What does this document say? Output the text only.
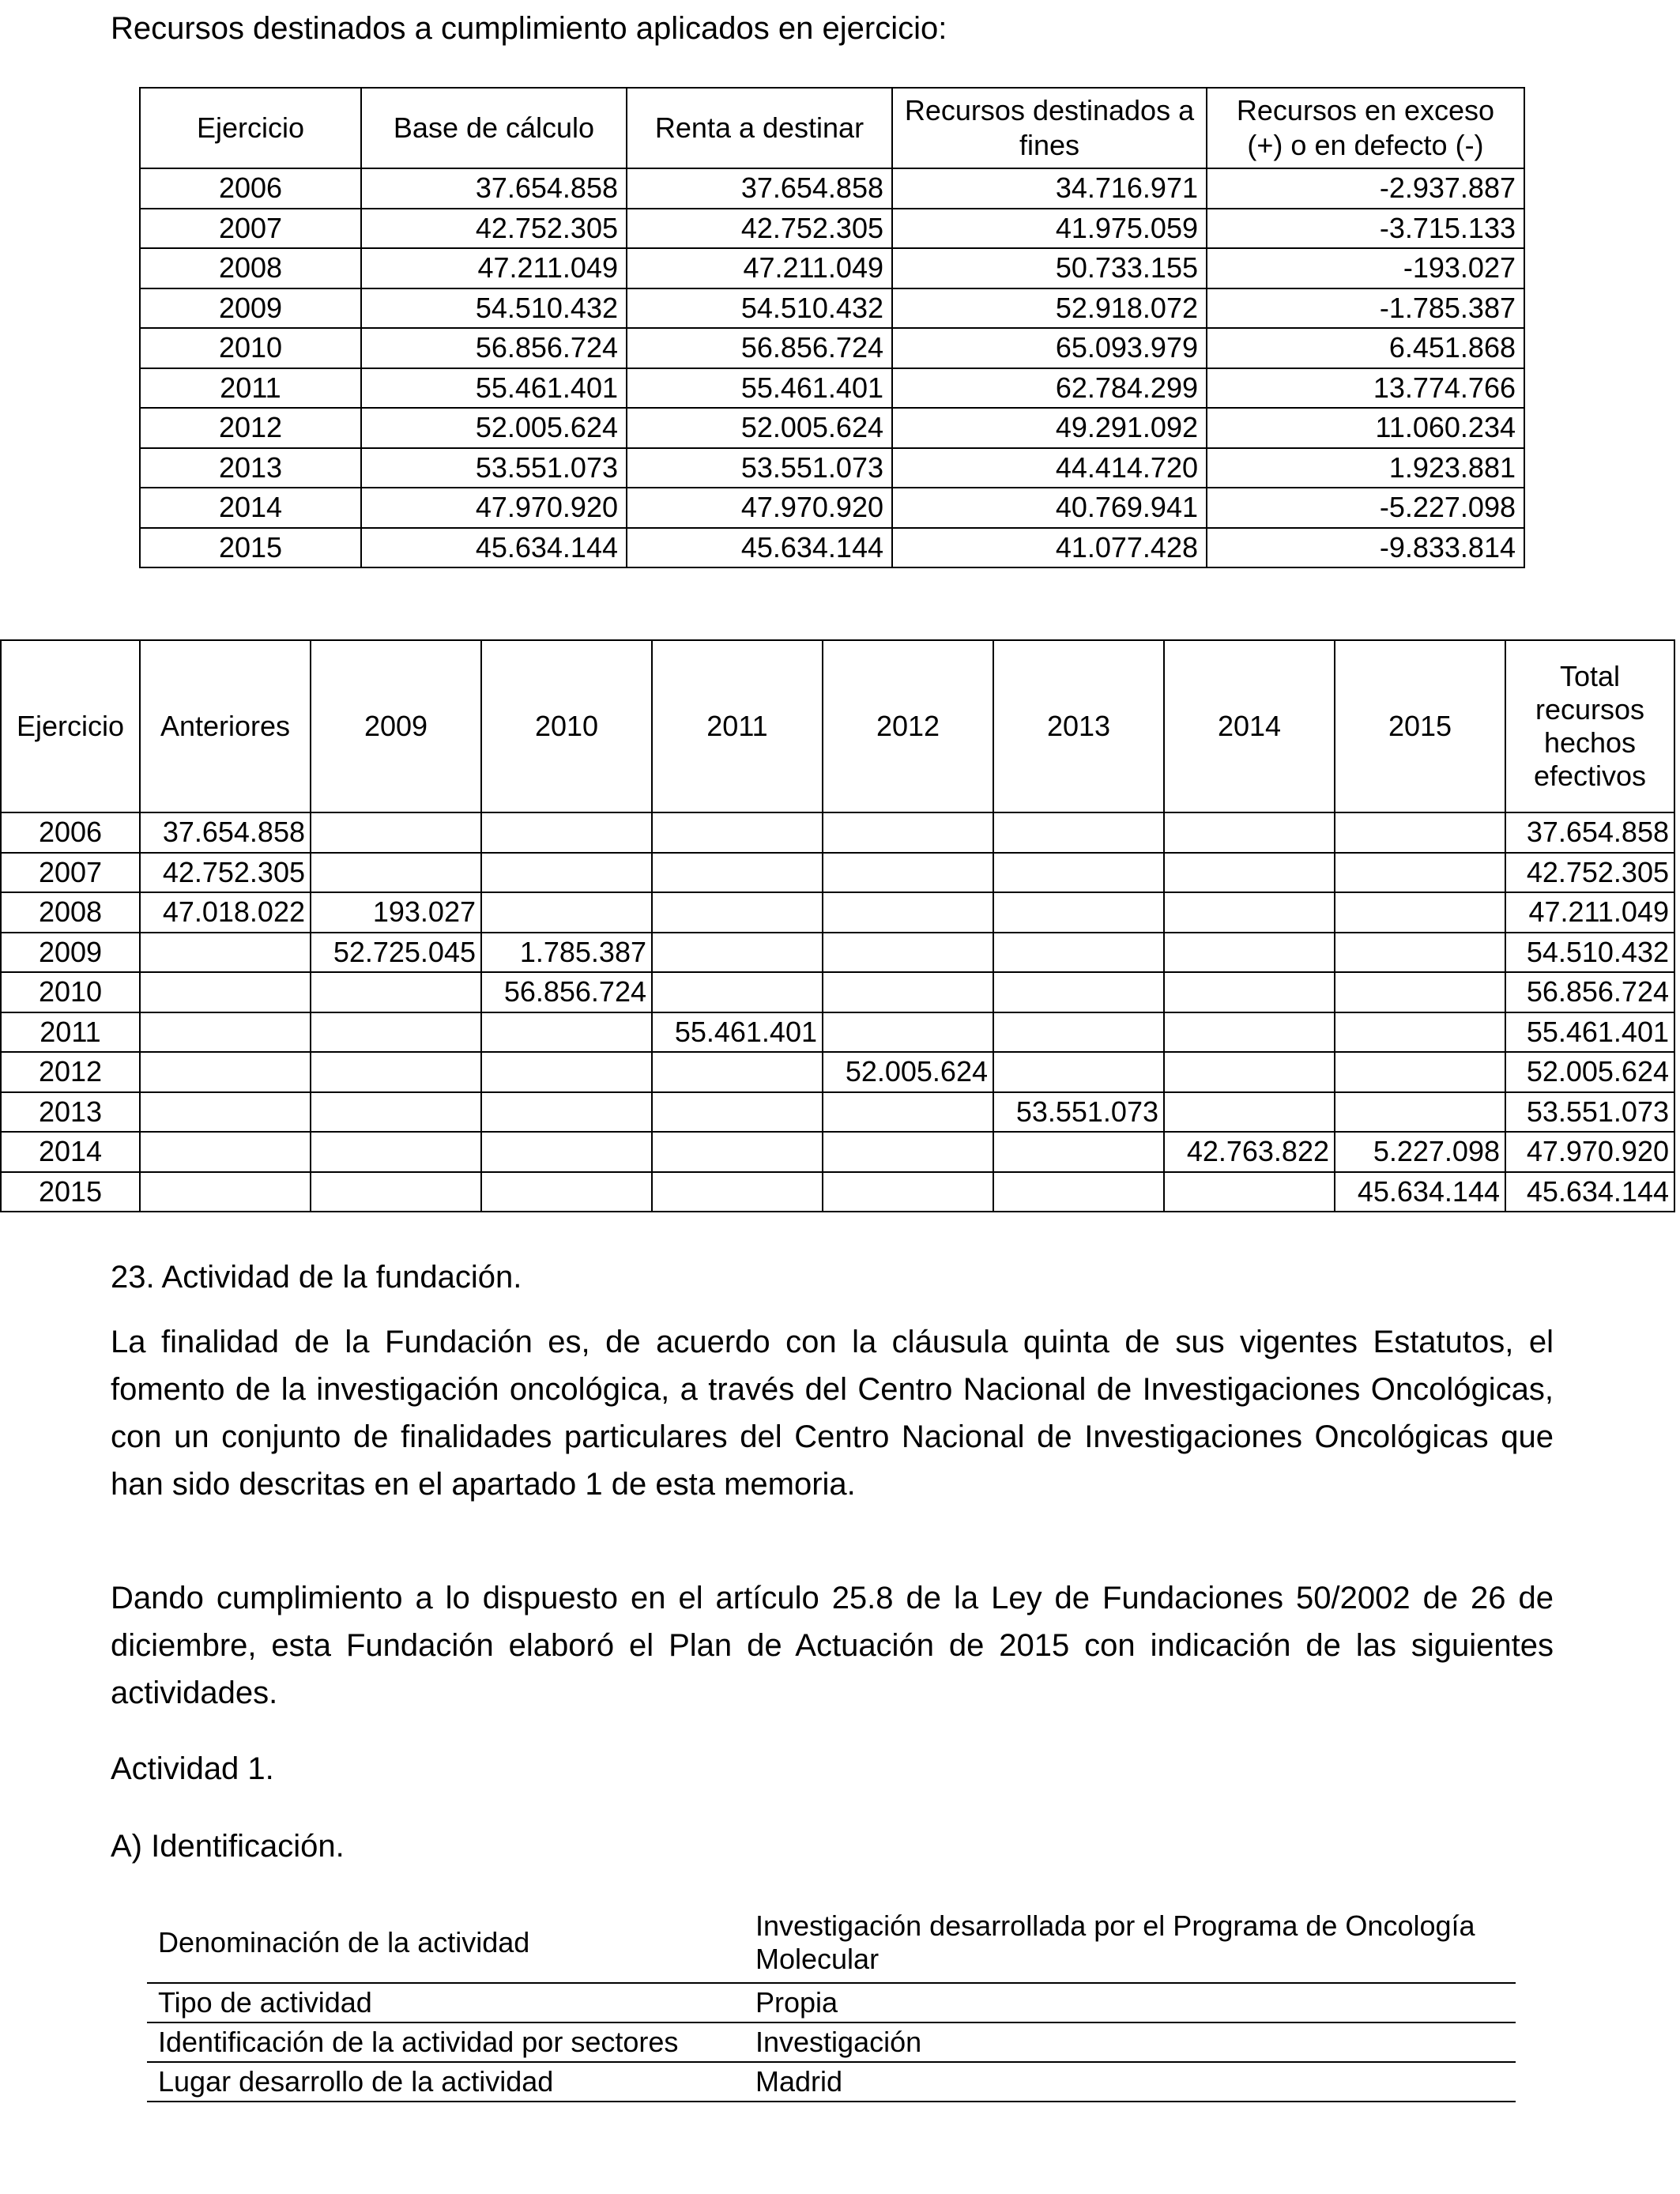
Recursos destinados a cumplimiento aplicados en ejercicio:
Ejercicio	Base de cálculo	Renta a destinar	Recursos destinados a fines	Recursos en exceso (+) o en defecto (-)
2006	37.654.858	37.654.858	34.716.971	-2.937.887
2007	42.752.305	42.752.305	41.975.059	-3.715.133
2008	47.211.049	47.211.049	50.733.155	-193.027
2009	54.510.432	54.510.432	52.918.072	-1.785.387
2010	56.856.724	56.856.724	65.093.979	6.451.868
2011	55.461.401	55.461.401	62.784.299	13.774.766
2012	52.005.624	52.005.624	49.291.092	11.060.234
2013	53.551.073	53.551.073	44.414.720	1.923.881
2014	47.970.920	47.970.920	40.769.941	-5.227.098
2015	45.634.144	45.634.144	41.077.428	-9.833.814
Ejercicio	Anteriores	2009	2010	2011	2012	2013	2014	2015	Total recursos hechos efectivos
2006	37.654.858								37.654.858
2007	42.752.305								42.752.305
2008	47.018.022	193.027							47.211.049
2009		52.725.045	1.785.387						54.510.432
2010			56.856.724						56.856.724
2011				55.461.401					55.461.401
2012					52.005.624				52.005.624
2013						53.551.073			53.551.073
2014							42.763.822	5.227.098	47.970.920
2015								45.634.144	45.634.144
23. Actividad de la fundación.
La finalidad de la Fundación es, de acuerdo con la cláusula quinta de sus vigentes Estatutos, el fomento de la investigación oncológica, a través del Centro Nacional de Investigaciones Oncológicas, con un conjunto de finalidades particulares del Centro Nacional de Investigaciones Oncológicas que han sido descritas en el apartado 1 de esta memoria.
Dando cumplimiento a lo dispuesto en el artículo 25.8 de la Ley de Fundaciones 50/2002 de 26 de diciembre, esta Fundación elaboró el Plan de Actuación de 2015 con indicación de las siguientes actividades.
Actividad 1.
A) Identificación.
Denominación de la actividad	Investigación desarrollada por el Programa de Oncología Molecular
Tipo de actividad	Propia
Identificación de la actividad por sectores	Investigación
Lugar desarrollo de la actividad	Madrid
